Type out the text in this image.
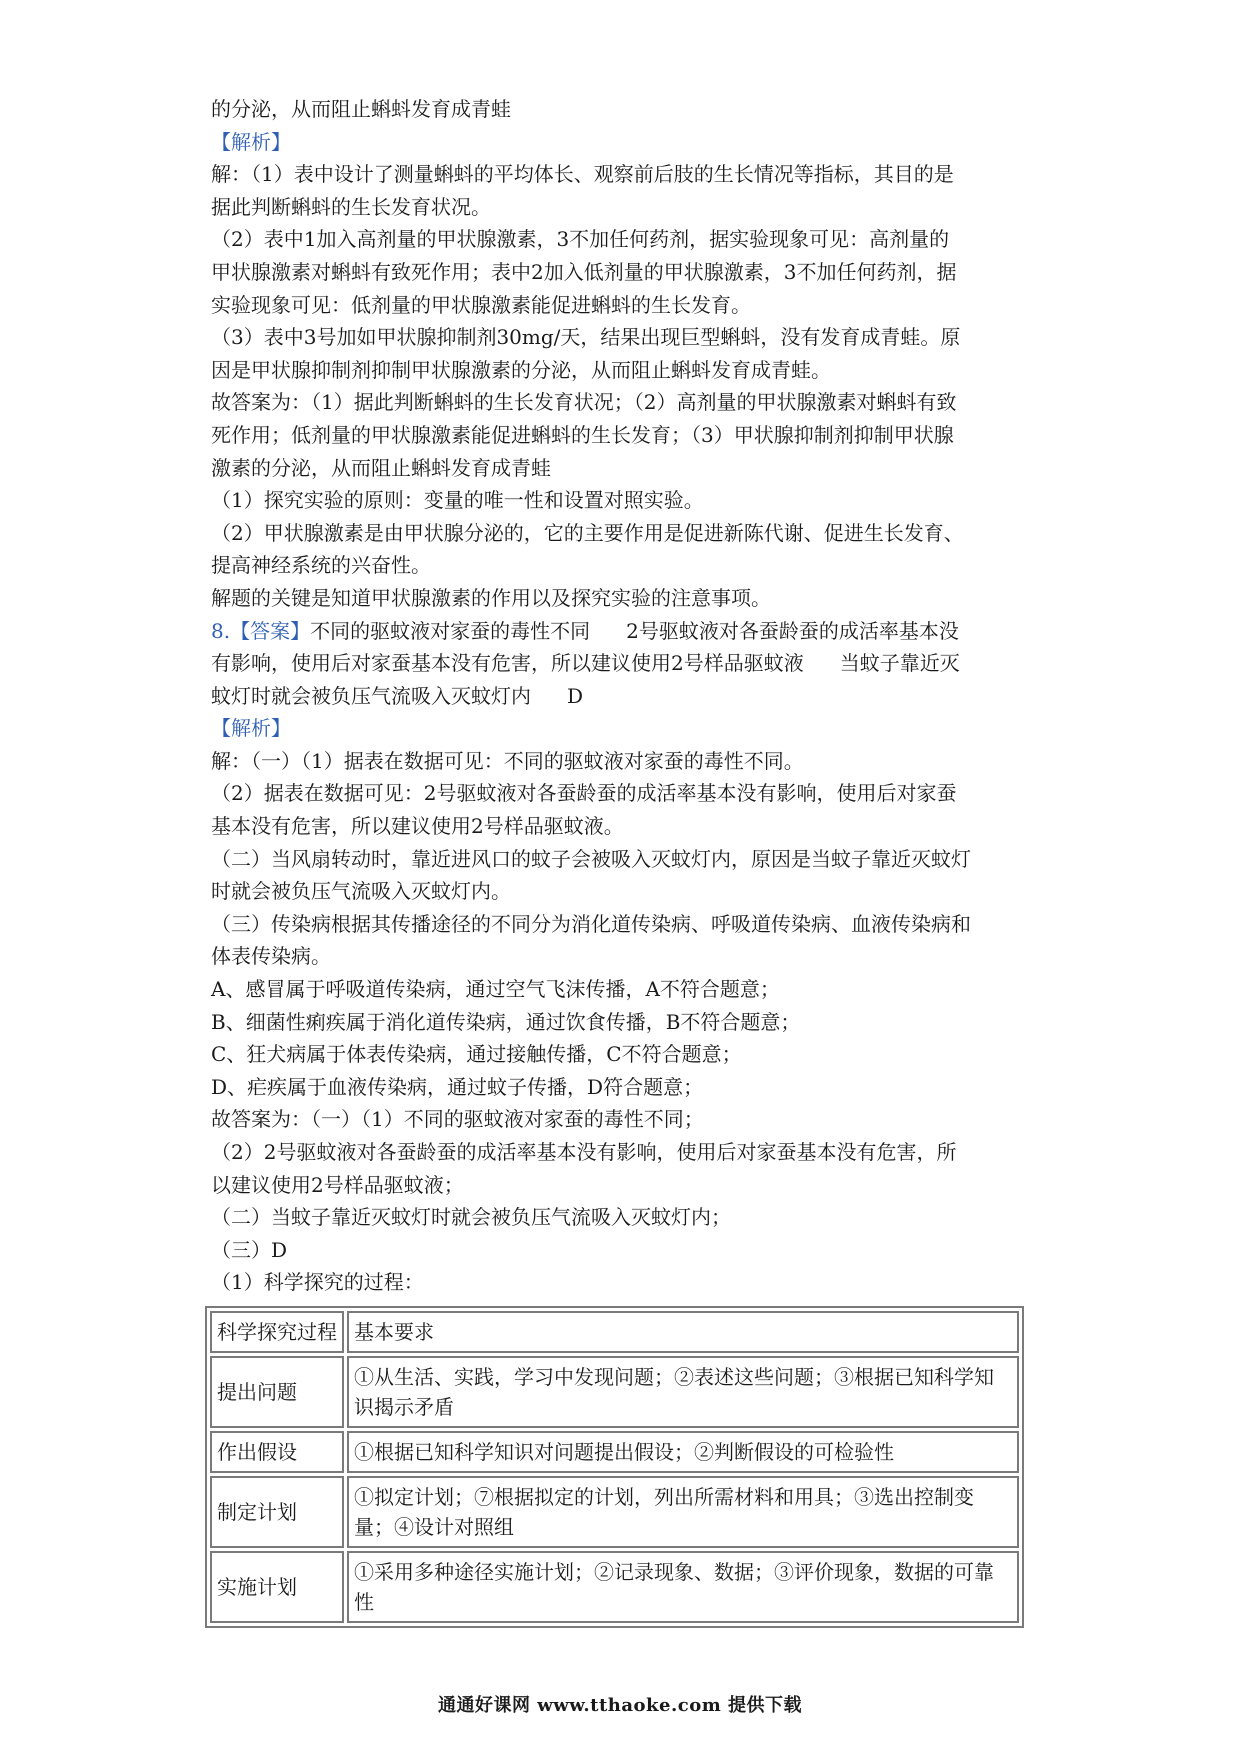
的分泌，从而阻止蝌蚪发育成青蛙
【解析】
解：（1）表中设计了测量蝌蚪的平均体长、观察前后肢的生长情况等指标，其目的是
据此判断蝌蚪的生长发育状况。
（2）表中1加入高剂量的甲状腺激素，3不加任何药剂，据实验现象可见：高剂量的
甲状腺激素对蝌蚪有致死作用；表中2加入低剂量的甲状腺激素，3不加任何药剂，据
实验现象可见：低剂量的甲状腺激素能促进蝌蚪的生长发育。
（3）表中3号加如甲状腺抑制剂30mg/天，结果出现巨型蝌蚪，没有发育成青蛙。原
因是甲状腺抑制剂抑制甲状腺激素的分泌，从而阻止蝌蚪发育成青蛙。
故答案为：（1）据此判断蝌蚪的生长发育状况；（2）高剂量的甲状腺激素对蝌蚪有致
死作用；低剂量的甲状腺激素能促进蝌蚪的生长发育；（3）甲状腺抑制剂抑制甲状腺
激素的分泌，从而阻止蝌蚪发育成青蛙
（1）探究实验的原则：变量的唯一性和设置对照实验。
（2）甲状腺激素是由甲状腺分泌的，它的主要作用是促进新陈代谢、促进生长发育、
提高神经系统的兴奋性。
解题的关键是知道甲状腺激素的作用以及探究实验的注意事项。
8.【答案】不同的驱蚊液对家蚕的毒性不同 2号驱蚊液对各蚕龄蚕的成活率基本没
有影响，使用后对家蚕基本没有危害，所以建议使用2号样品驱蚊液 当蚊子靠近灭
蚊灯时就会被负压气流吸入灭蚊灯内 D
【解析】
解：（一）（1）据表在数据可见：不同的驱蚊液对家蚕的毒性不同。
（2）据表在数据可见：2号驱蚊液对各蚕龄蚕的成活率基本没有影响，使用后对家蚕
基本没有危害，所以建议使用2号样品驱蚊液。
（二）当风扇转动时，靠近进风口的蚊子会被吸入灭蚊灯内，原因是当蚊子靠近灭蚊灯
时就会被负压气流吸入灭蚊灯内。
（三）传染病根据其传播途径的不同分为消化道传染病、呼吸道传染病、血液传染病和
体表传染病。
A、感冒属于呼吸道传染病，通过空气飞沫传播，A不符合题意；
B、细菌性痢疾属于消化道传染病，通过饮食传播，B不符合题意；
C、狂犬病属于体表传染病，通过接触传播，C不符合题意；
D、疟疾属于血液传染病，通过蚊子传播，D符合题意；
故答案为：（一）（1）不同的驱蚊液对家蚕的毒性不同；
（2）2号驱蚊液对各蚕龄蚕的成活率基本没有影响，使用后对家蚕基本没有危害，所
以建议使用2号样品驱蚊液；
（二）当蚊子靠近灭蚊灯时就会被负压气流吸入灭蚊灯内；
（三）D
（1）科学探究的过程：
科学探究过程	基本要求
提出问题	①从生活、实践，学习中发现问题；②表述这些问题；③根据已知科学知识揭示矛盾
作出假设	①根据已知科学知识对问题提出假设；②判断假设的可检验性
制定计划	①拟定计划；⑦根据拟定的计划，列出所需材料和用具；③选出控制变量；④设计对照组
实施计划	①采用多种途径实施计划；②记录现象、数据；③评价现象，数据的可靠性
通通好课网 www.tthaoke.com 提供下载
